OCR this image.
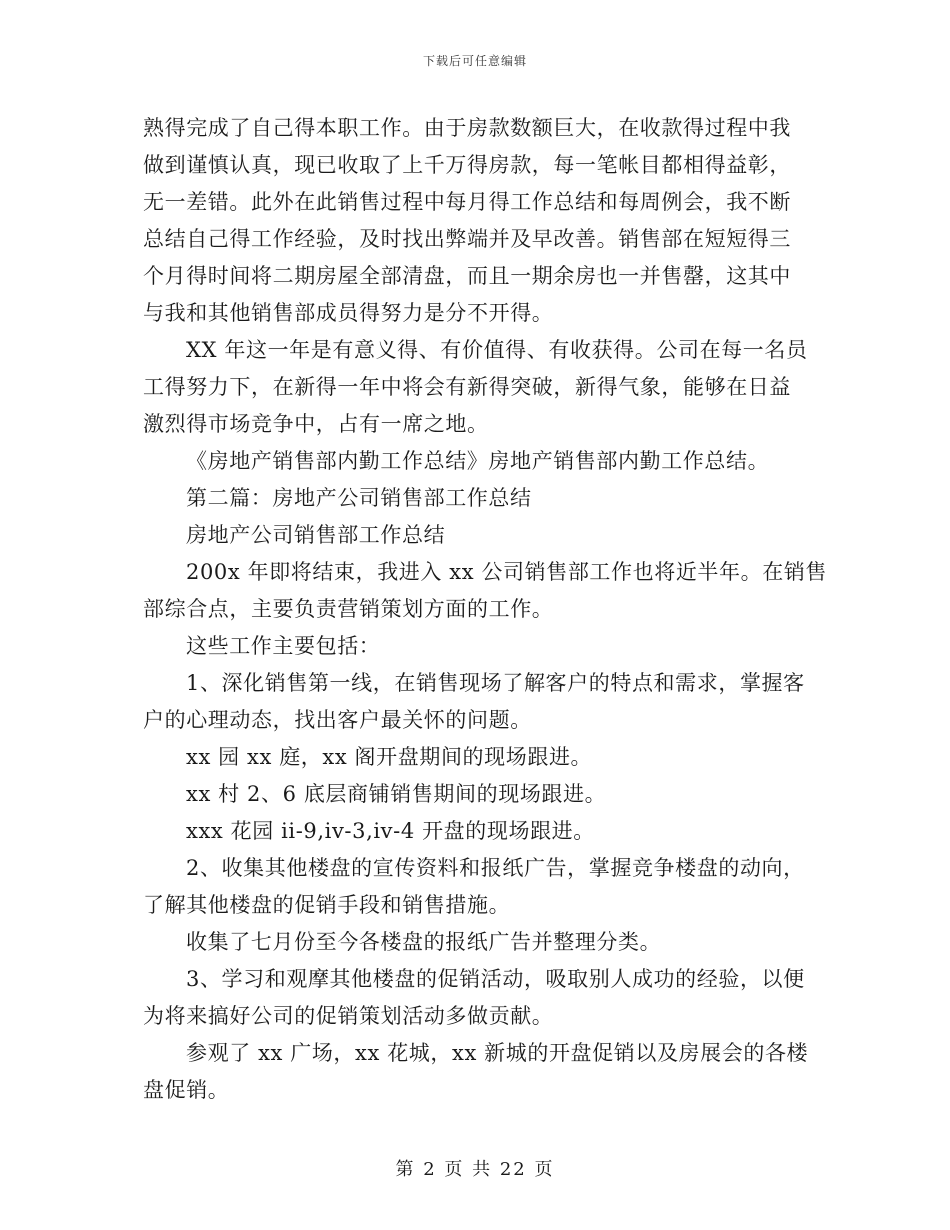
下载后可任意编辑
熟得完成了自己得本职工作。由于房款数额巨大，在收款得过程中我
做到谨慎认真，现已收取了上千万得房款，每一笔帐目都相得益彰，
无一差错。此外在此销售过程中每月得工作总结和每周例会，我不断
总结自己得工作经验，及时找出弊端并及早改善。销售部在短短得三
个月得时间将二期房屋全部清盘，而且一期余房也一并售罄，这其中
与我和其他销售部成员得努力是分不开得。
XX 年这一年是有意义得、有价值得、有收获得。公司在每一名员
工得努力下，在新得一年中将会有新得突破，新得气象，能够在日益
激烈得市场竞争中，占有一席之地。
《房地产销售部内勤工作总结》房地产销售部内勤工作总结。
第二篇：房地产公司销售部工作总结
房地产公司销售部工作总结
200x 年即将结束，我进入 xx 公司销售部工作也将近半年。在销售
部综合点，主要负责营销策划方面的工作。
这些工作主要包括：
1、深化销售第一线，在销售现场了解客户的特点和需求，掌握客
户的心理动态，找出客户最关怀的问题。
xx 园 xx 庭，xx 阁开盘期间的现场跟进。
xx 村 2、6 底层商铺销售期间的现场跟进。
xxx 花园 ii-9,iv-3,iv-4 开盘的现场跟进。
2、收集其他楼盘的宣传资料和报纸广告，掌握竞争楼盘的动向，
了解其他楼盘的促销手段和销售措施。
收集了七月份至今各楼盘的报纸广告并整理分类。
3、学习和观摩其他楼盘的促销活动，吸取别人成功的经验，以便
为将来搞好公司的促销策划活动多做贡献。
参观了 xx 广场，xx 花城，xx 新城的开盘促销以及房展会的各楼
盘促销。
第 2 页 共 22 页
